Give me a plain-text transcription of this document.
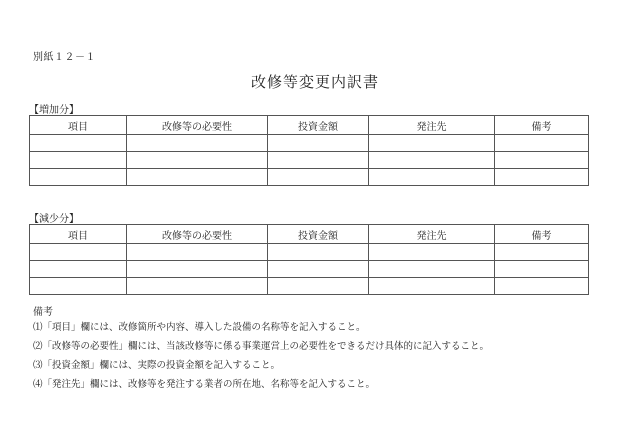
別紙１２－１
改修等変更内訳書
【増加分】
項目	改修等の必要性	投資金額	発注先	備考

【減少分】
項目	改修等の必要性	投資金額	発注先	備考

備考
⑴「項目」欄には、改修箇所や内容、導入した設備の名称等を記入すること。
⑵「改修等の必要性」欄には、当該改修等に係る事業運営上の必要性をできるだけ具体的に記入すること。
⑶「投資金額」欄には、実際の投資金額を記入すること。
⑷「発注先」欄には、改修等を発注する業者の所在地、名称等を記入すること。
